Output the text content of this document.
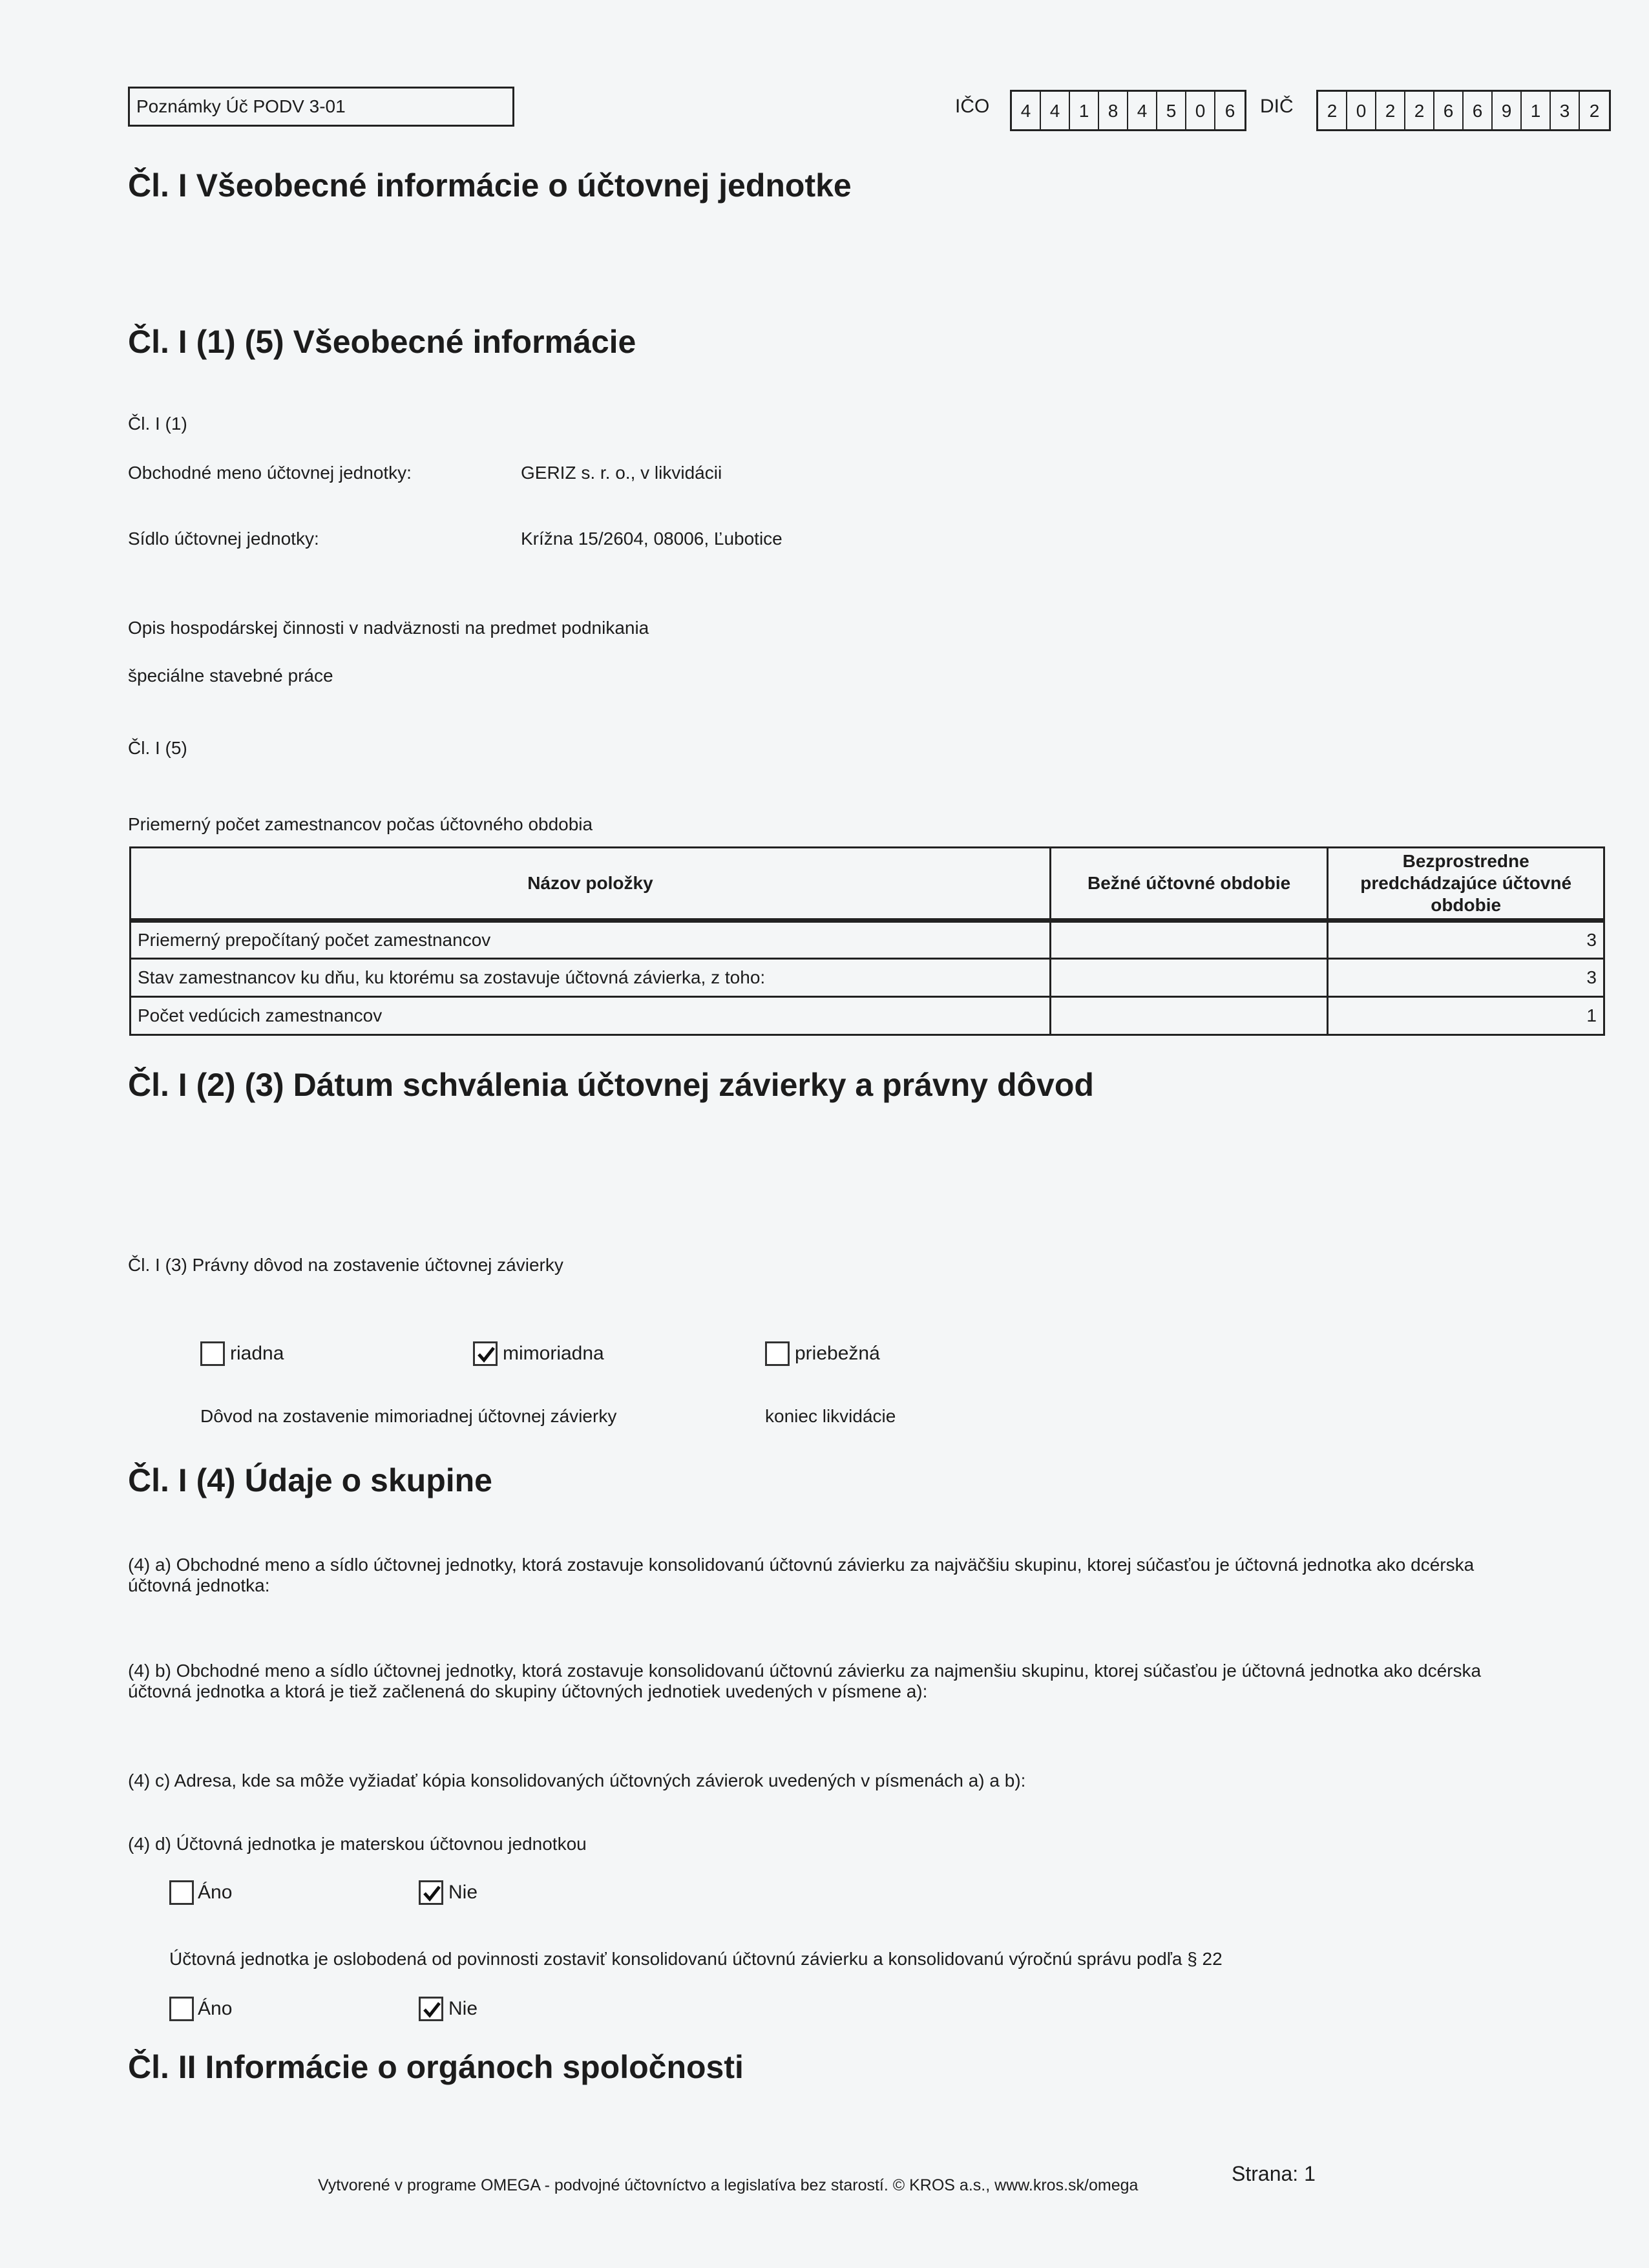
Poznámky Úč PODV 3-01	IČO	4	4	1	8	4	5	0	6	DIČ	2	0	2	2	6	6	9	1	3	2
Čl. I Všeobecné informácie o účtovnej jednotke
Čl. I (1) (5) Všeobecné informácie
Čl. I (1)
Obchodné meno účtovnej jednotky:	GERIZ s. r. o., v likvidácii
Sídlo účtovnej jednotky:	Krížna 15/2604, 08006, Ľubotice
Opis hospodárskej činnosti v nadväznosti na predmet podnikania
špeciálne stavebné práce
Čl. I (5)
Priemerný počet zamestnancov počas účtovného obdobia
Názov položky	Bežné účtovné obdobie	Bezprostredne predchádzajúce účtovné obdobie
Priemerný prepočítaný počet zamestnancov		3
Stav zamestnancov ku dňu, ku ktorému sa zostavuje účtovná závierka, z toho:		3
Počet vedúcich zamestnancov		1
Čl. I (2) (3) Dátum schválenia účtovnej závierky a právny dôvod
Čl. I (3) Právny dôvod na zostavenie účtovnej závierky
riadna	mimoriadna	priebežná
Dôvod na zostavenie mimoriadnej účtovnej závierky	koniec likvidácie
Čl. I (4) Údaje o skupine
(4) a) Obchodné meno a sídlo účtovnej jednotky, ktorá zostavuje konsolidovanú účtovnú závierku za najväčšiu skupinu, ktorej súčasťou je účtovná jednotka ako dcérska účtovná jednotka:
(4) b) Obchodné meno a sídlo účtovnej jednotky, ktorá zostavuje konsolidovanú účtovnú závierku za najmenšiu skupinu, ktorej súčasťou je účtovná jednotka ako dcérska účtovná jednotka a ktorá je tiež začlenená do skupiny účtovných jednotiek uvedených v písmene a):
(4) c) Adresa, kde sa môže vyžiadať kópia konsolidovaných účtovných závierok uvedených v písmenách a) a b):
(4) d) Účtovná jednotka je materskou účtovnou jednotkou
Áno	Nie
Účtovná jednotka je oslobodená od povinnosti zostaviť konsolidovanú účtovnú závierku a konsolidovanú výročnú správu podľa § 22
Áno	Nie
Čl. II Informácie o orgánoch spoločnosti
Vytvorené v programe OMEGA - podvojné účtovníctvo a legislatíva bez starostí. © KROS a.s., www.kros.sk/omega	Strana: 1
